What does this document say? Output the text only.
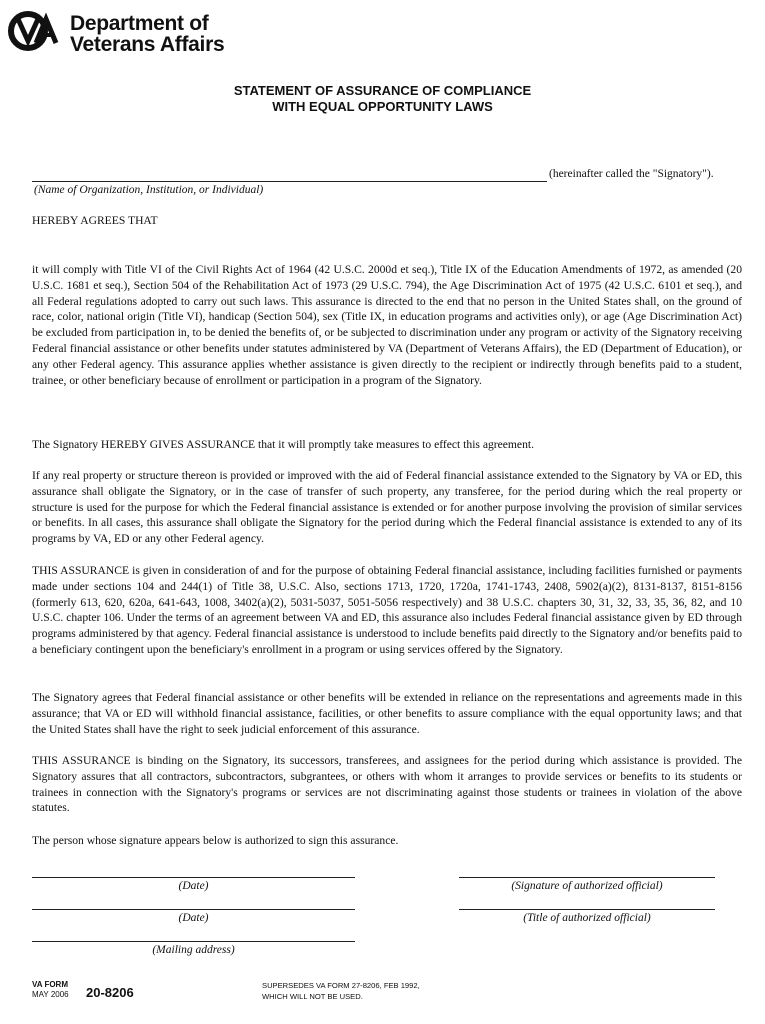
Department of
Veterans Affairs
STATEMENT OF ASSURANCE OF COMPLIANCE
WITH EQUAL OPPORTUNITY LAWS
(hereinafter called the "Signatory").
(Name of Organization, Institution, or Individual)
HEREBY AGREES THAT
it will comply with Title VI of the Civil Rights Act of 1964 (42 U.S.C. 2000d et seq.), Title IX of the Education Amendments of 1972, as amended (20 U.S.C. 1681 et seq.), Section 504 of the Rehabilitation Act of 1973 (29 U.S.C. 794), the Age Discrimination Act of 1975 (42 U.S.C. 6101 et seq.), and all Federal regulations adopted to carry out such laws. This assurance is directed to the end that no person in the United States shall, on the ground of race, color, national origin (Title VI), handicap (Section 504), sex (Title IX, in education programs and activities only), or age (Age Discrimination Act) be excluded from participation in, to be denied the benefits of, or be subjected to discrimination under any program or activity of the Signatory receiving Federal financial assistance or other benefits under statutes administered by VA (Department of Veterans Affairs), the ED (Department of Education), or any other Federal agency. This assurance applies whether assistance is given directly to the recipient or indirectly through benefits paid to a student, trainee, or other beneficiary because of enrollment or participation in a program of the Signatory.
The Signatory HEREBY GIVES ASSURANCE that it will promptly take measures to effect this agreement.
If any real property or structure thereon is provided or improved with the aid of Federal financial assistance extended to the Signatory by VA or ED, this assurance shall obligate the Signatory, or in the case of transfer of such property, any transferee, for the period during which the real property or structure is used for the purpose for which the Federal financial assistance is extended or for another purpose involving the provision of similar services or benefits. In all cases, this assurance shall obligate the Signatory for the period during which the Federal financial assistance is extended to any of its programs by VA, ED or any other Federal agency.
THIS ASSURANCE is given in consideration of and for the purpose of obtaining Federal financial assistance, including facilities furnished or payments made under sections 104 and 244(1) of Title 38, U.S.C. Also, sections 1713, 1720, 1720a, 1741-1743, 2408, 5902(a)(2), 8131-8137, 8151-8156 (formerly 613, 620, 620a, 641-643, 1008, 3402(a)(2), 5031-5037, 5051-5056 respectively) and 38 U.S.C. chapters 30, 31, 32, 33, 35, 36, 82, and 10 U.S.C. chapter 106. Under the terms of an agreement between VA and ED, this assurance also includes Federal financial assistance given by ED through programs administered by that agency. Federal financial assistance is understood to include benefits paid directly to the Signatory and/or benefits paid to a beneficiary contingent upon the beneficiary's enrollment in a program or using services offered by the Signatory.
The Signatory agrees that Federal financial assistance or other benefits will be extended in reliance on the representations and agreements made in this assurance; that VA or ED will withhold financial assistance, facilities, or other benefits to assure compliance with the equal opportunity laws; and that the United States shall have the right to seek judicial enforcement of this assurance.
THIS ASSURANCE is binding on the Signatory, its successors, transferees, and assignees for the period during which assistance is provided. The Signatory assures that all contractors, subcontractors, subgrantees, or others with whom it arranges to provide services or benefits to its students or trainees in connection with the Signatory's programs or services are not discriminating against those students or trainees in violation of the above statutes.
The person whose signature appears below is authorized to sign this assurance.
(Date)	(Signature of authorized official)
(Date)	(Title of authorized official)
(Mailing address)
VA FORM
MAY 2006 20-8206	SUPERSEDES VA FORM 27-8206, FEB 1992,
WHICH WILL NOT BE USED.
